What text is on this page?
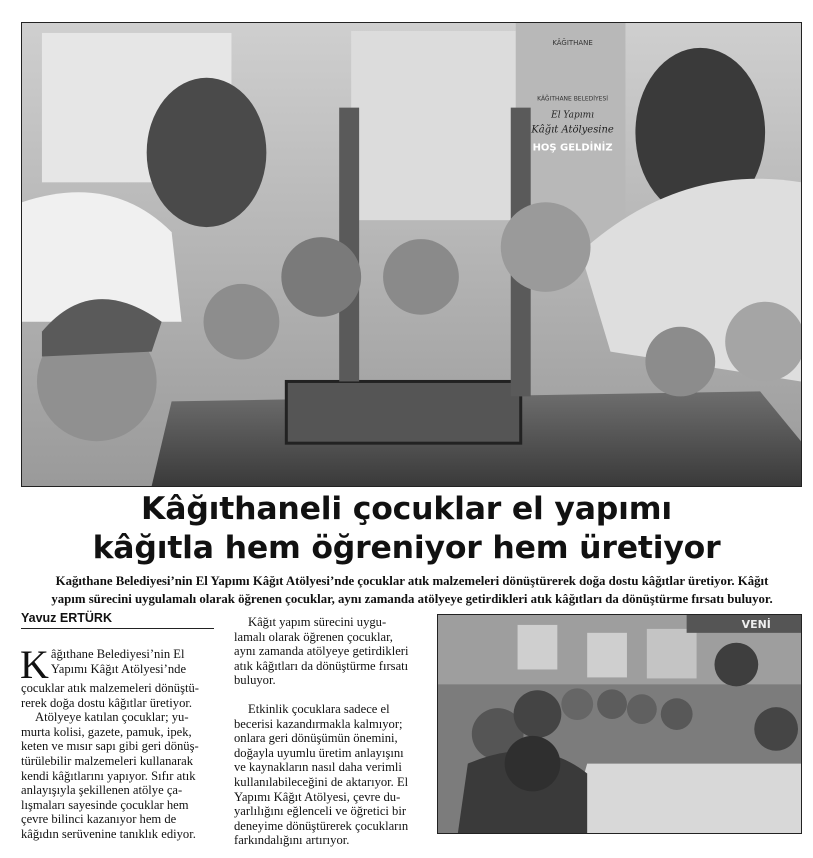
KÂĞITHANE
KÂĞITHANE BELEDİYESİ
El Yapımı
Kâğıt Atölyesine
HOŞ GELDİNİZ
Kâğıthaneli çocuklar el yapımı
kâğıtla hem öğreniyor hem üretiyor

Kağıthane Belediyesi’nin El Yapımı Kâğıt Atölyesi’nde çocuklar atık malzemeleri dönüştürerek doğa dostu kâğıtlar üretiyor. Kâğıt
yapım sürecini uygulamalı olarak öğrenen çocuklar, aynı zamanda atölyeye getirdikleri atık kâğıtları da dönüştürme fırsatı buluyor.

Yavuz ERTÜRK

K âğıthane Belediyesi’nin El
Yapımı Kâğıt Atölyesi’nde
çocuklar atık malzemeleri dönüştü-
rerek doğa dostu kâğıtlar üretiyor.

Atölyeye katılan çocuklar; yu-
murta kolisi, gazete, pamuk, ipek,
keten ve mısır sapı gibi geri dönüş-
türülebilir malzemeleri kullanarak
kendi kâğıtlarını yapıyor. Sıfır atık
anlayışıyla şekillenen atölye ça-
lışmaları sayesinde çocuklar hem
çevre bilinci kazanıyor hem de
kâğıdın serüvenine tanıklık ediyor.

Kâğıt yapım sürecini uygu-
lamalı olarak öğrenen çocuklar,
aynı zamanda atölyeye getirdikleri
atık kâğıtları da dönüştürme fırsatı
buluyor.

Etkinlik çocuklara sadece el
becerisi kazandırmakla kalmıyor;
onlara geri dönüşümün önemini,
doğayla uyumlu üretim anlayışını
ve kaynakların nasıl daha verimli
kullanılabileceğini de aktarıyor. El
Yapımı Kâğıt Atölyesi, çevre du-
yarlılığını eğlenceli ve öğretici bir
deneyime dönüştürerek çocukların
farkındalığını artırıyor.

VENİ
